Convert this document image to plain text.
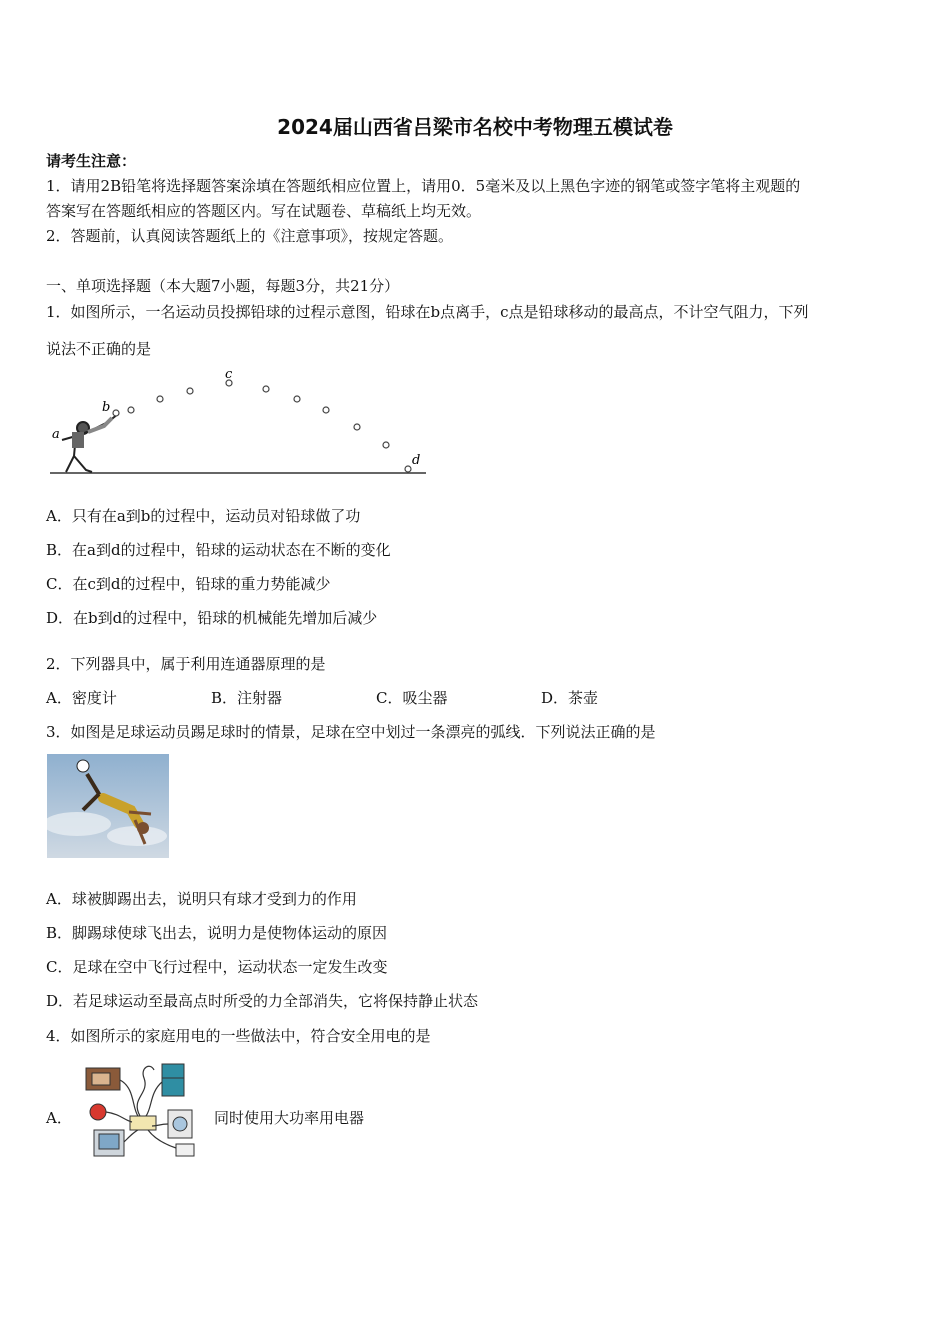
2024届山西省吕梁市名校中考物理五模试卷
请考生注意：
1．请用2B铅笔将选择题答案涂填在答题纸相应位置上，请用0．5毫米及以上黑色字迹的钢笔或签字笔将主观题的
答案写在答题纸相应的答题区内。写在试题卷、草稿纸上均无效。
2．答题前，认真阅读答题纸上的《注意事项》，按规定答题。
一、单项选择题（本大题7小题，每题3分，共21分）
1．如图所示，一名运动员投掷铅球的过程示意图，铅球在b点离手，c点是铅球移动的最高点，不计空气阻力，下列
说法不正确的是
a
b
c
d
A．只有在a到b的过程中，运动员对铅球做了功
B．在a到d的过程中，铅球的运动状态在不断的变化
C．在c到d的过程中，铅球的重力势能减少
D．在b到d的过程中，铅球的机械能先增加后减少
2．下列器具中，属于利用连通器原理的是
A．密度计	B．注射器	C．吸尘器	D．茶壶
3．如图是足球运动员踢足球时的情景，足球在空中划过一条漂亮的弧线．下列说法正确的是
A．球被脚踢出去，说明只有球才受到力的作用
B．脚踢球使球飞出去，说明力是使物体运动的原因
C．足球在空中飞行过程中，运动状态一定发生改变
D．若足球运动至最高点时所受的力全部消失，它将保持静止状态
4．如图所示的家庭用电的一些做法中，符合安全用电的是
A．	同时使用大功率用电器
